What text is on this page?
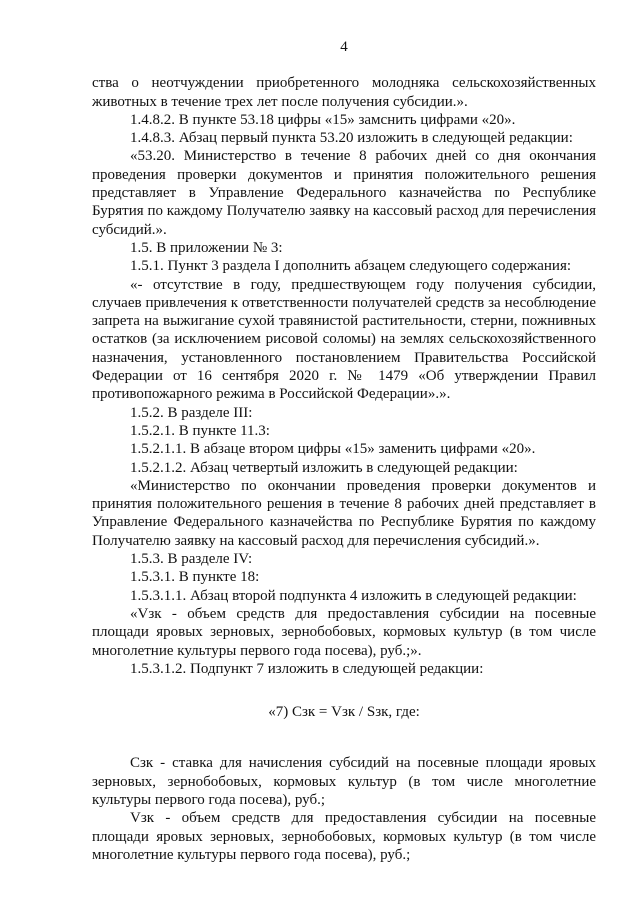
4

ства о неотчуждении приобретенного молодняка сельскохозяйственных животных в течение трех лет после получения субсидии.».

1.4.8.2. В пункте 53.18 цифры «15» замснить цифрами «20».

1.4.8.3. Абзац первый пункта 53.20 изложить в следующей редакции:

«53.20. Министерство в течение 8 рабочих дней со дня окончания проведения проверки документов и принятия положительного решения представляет в Управление Федерального казначейства по Республике Бурятия по каждому Получателю заявку на кассовый расход для перечисления субсидий.».

1.5. В приложении № 3:

1.5.1. Пункт 3 раздела I дополнить абзацем следующего содержания:

«- отсутствие в году, предшествующем году получения субсидии, случаев привлечения к ответственности получателей средств за несоблюдение запрета на выжигание сухой травянистой растительности, стерни, пожнивных остатков (за исключением рисовой соломы) на землях сельскохозяйственного назначения, установленного постановлением Правительства Российской Федерации от 16 сентября 2020 г. № 1479 «Об утверждении Правил противопожарного режима в Российской Федерации».».

1.5.2. В разделе III:

1.5.2.1. В пункте 11.3:

1.5.2.1.1. В абзаце втором цифры «15» заменить цифрами «20».

1.5.2.1.2. Абзац четвертый изложить в следующей редакции:

«Министерство по окончании проведения проверки документов и принятия положительного решения в течение 8 рабочих дней представляет в Управление Федерального казначейства по Республике Бурятия по каждому Получателю заявку на кассовый расход для перечисления субсидий.».

1.5.3. В разделе IV:

1.5.3.1. В пункте 18:

1.5.3.1.1. Абзац второй подпункта 4 изложить в следующей редакции:

«Vзк - объем средств для предоставления субсидии на посевные площади яровых зерновых, зернобобовых, кормовых культур (в том числе многолетние культуры первого года посева), руб.;».

1.5.3.1.2. Подпункт 7 изложить в следующей редакции:

«7) Сзк = Vзк / Sзк, где:

Сзк - ставка для начисления субсидий на посевные площади яровых зерновых, зернобобовых, кормовых культур (в том числе многолетние культуры первого года посева), руб.;

Vзк - объем средств для предоставления субсидии на посевные площади яровых зерновых, зернобобовых, кормовых культур (в том числе многолетние культуры первого года посева), руб.;
